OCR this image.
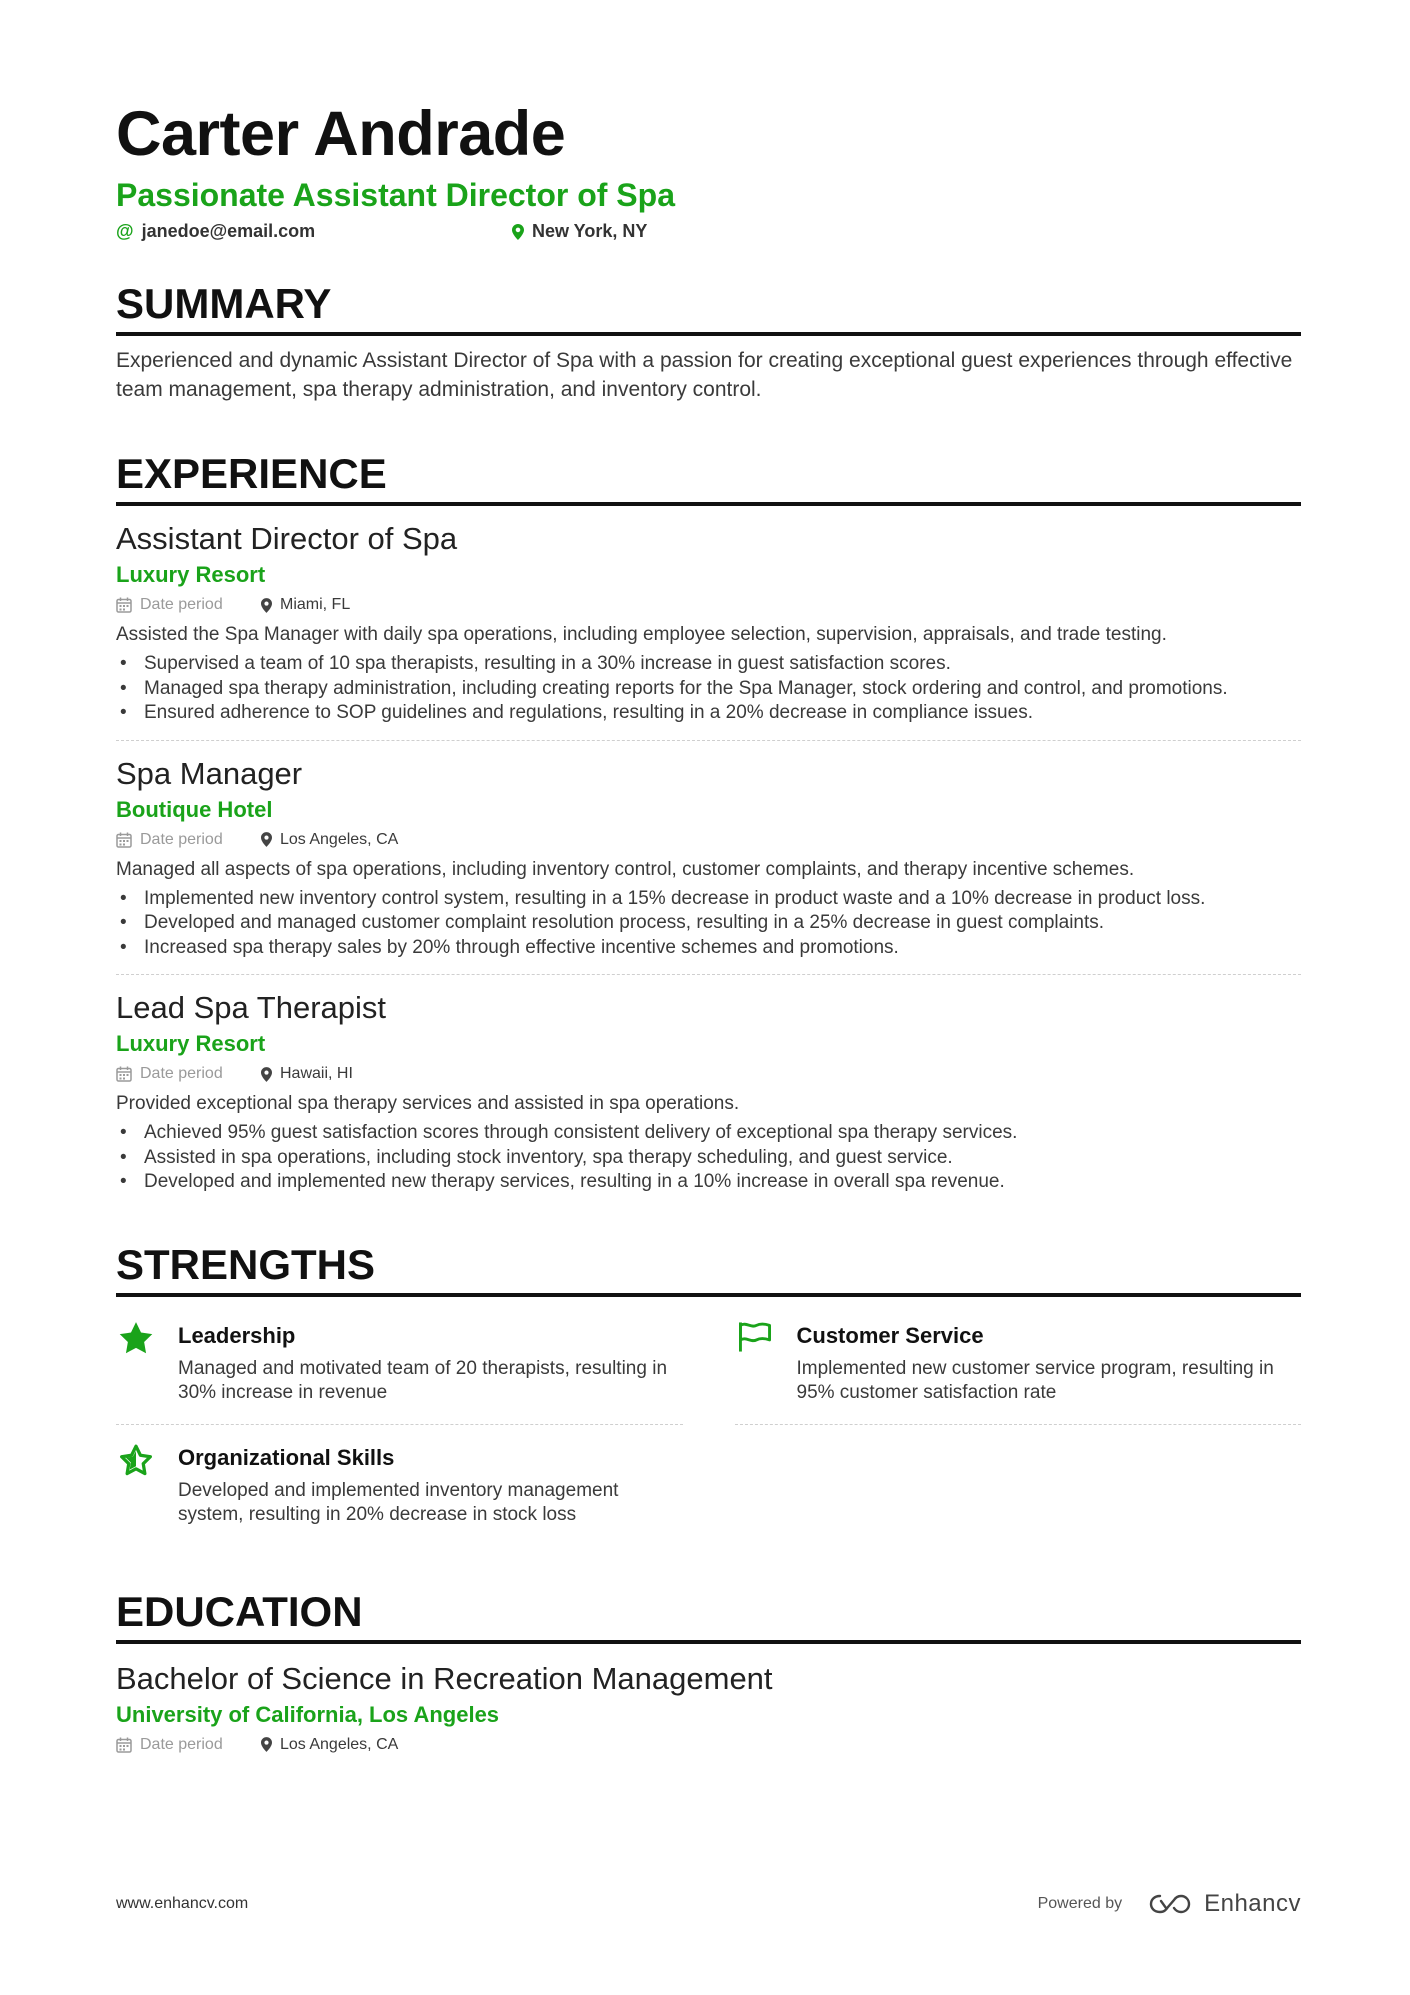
Carter Andrade
Passionate Assistant Director of Spa
@ janedoe@email.com	New York, NY
SUMMARY

Experienced and dynamic Assistant Director of Spa with a passion for creating exceptional guest experiences through effective team management, spa therapy administration, and inventory control.

EXPERIENCE
Assistant Director of Spa
Luxury Resort
Date period	Miami, FL
Assisted the Spa Manager with daily spa operations, including employee selection, supervision, appraisals, and trade testing.
• Supervised a team of 10 spa therapists, resulting in a 30% increase in guest satisfaction scores.
• Managed spa therapy administration, including creating reports for the Spa Manager, stock ordering and control, and promotions.
• Ensured adherence to SOP guidelines and regulations, resulting in a 20% decrease in compliance issues.
Spa Manager
Boutique Hotel
Date period	Los Angeles, CA
Managed all aspects of spa operations, including inventory control, customer complaints, and therapy incentive schemes.
• Implemented new inventory control system, resulting in a 15% decrease in product waste and a 10% decrease in product loss.
• Developed and managed customer complaint resolution process, resulting in a 25% decrease in guest complaints.
• Increased spa therapy sales by 20% through effective incentive schemes and promotions.
Lead Spa Therapist
Luxury Resort
Date period	Hawaii, HI
Provided exceptional spa therapy services and assisted in spa operations.
• Achieved 95% guest satisfaction scores through consistent delivery of exceptional spa therapy services.
• Assisted in spa operations, including stock inventory, spa therapy scheduling, and guest service.
• Developed and implemented new therapy services, resulting in a 10% increase in overall spa revenue.
STRENGTHS
Leadership
Managed and motivated team of 20 therapists, resulting in 30% increase in revenue
Customer Service
Implemented new customer service program, resulting in 95% customer satisfaction rate
Organizational Skills
Developed and implemented inventory management system, resulting in 20% decrease in stock loss
EDUCATION
Bachelor of Science in Recreation Management
University of California, Los Angeles
Date period	Los Angeles, CA
www.enhancv.com	Powered by	Enhancv
